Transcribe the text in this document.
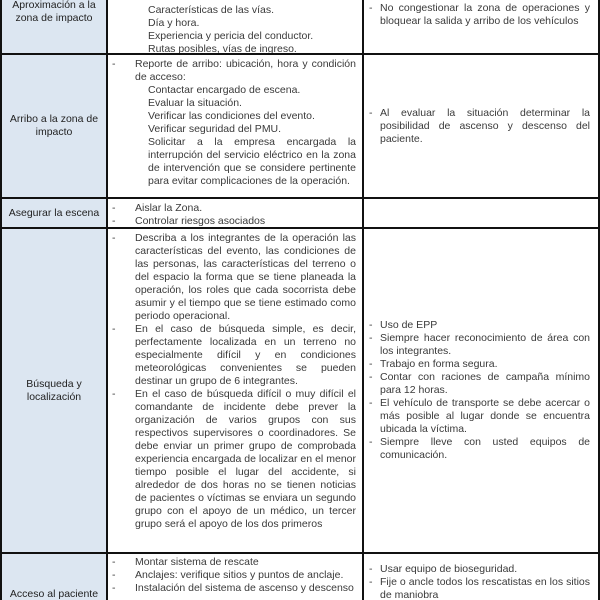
Aproximación a la zona de impacto
Características de las vías.
Día y hora.
Experiencia y pericia del conductor.
Rutas posibles, vías de ingreso.
- No congestionar la zona de operaciones y bloquear la salida y arribo de los vehículos
Arribo a la zona de impacto
- Reporte de arribo: ubicación, hora y condición de acceso:
Contactar encargado de escena.
Evaluar la situación.
Verificar las condiciones del evento.
Verificar seguridad del PMU.
Solicitar a la empresa encargada la interrupción del servicio eléctrico en la zona de intervención que se considere pertinente para evitar complicaciones de la operación.
- Al evaluar la situación determinar la posibilidad de ascenso y descenso del paciente.
Asegurar la escena - Aislar la Zona.
- Controlar riesgos asociados
Búsqueda y localización
- Describa a los integrantes de la operación las características del evento, las condiciones de las personas, las características del terreno o del espacio la forma que se tiene planeada la operación, los roles que cada socorrista debe asumir y el tiempo que se tiene estimado como periodo operacional.
- En el caso de búsqueda simple, es decir, perfectamente localizada en un terreno no especialmente difícil y en condiciones meteorológicas convenientes se pueden destinar un grupo de 6 integrantes.
- En el caso de búsqueda difícil o muy difícil el comandante de incidente debe prever la organización de varios grupos con sus respectivos supervisores o coordinadores. Se debe enviar un primer grupo de comprobada experiencia encargada de localizar en el menor tiempo posible el lugar del accidente, si alrededor de dos horas no se tienen noticias de pacientes o víctimas se enviara un segundo grupo con el apoyo de un médico, un tercer grupo será el apoyo de los dos primeros
- Uso de EPP
- Siempre hacer reconocimiento de área con los integrantes.
- Trabajo en forma segura.
- Contar con raciones de campaña mínimo para 12 horas.
- El vehículo de transporte se debe acercar o más posible al lugar donde se encuentra ubicada la víctima.
- Siempre lleve con usted equipos de comunicación.
Acceso al paciente
- Montar sistema de rescate
- Anclajes: verifique sitios y puntos de anclaje.
- Instalación del sistema de ascenso y descenso
- Usar equipo de bioseguridad.
- Fije o ancle todos los rescatistas en los sitios de maniobra
